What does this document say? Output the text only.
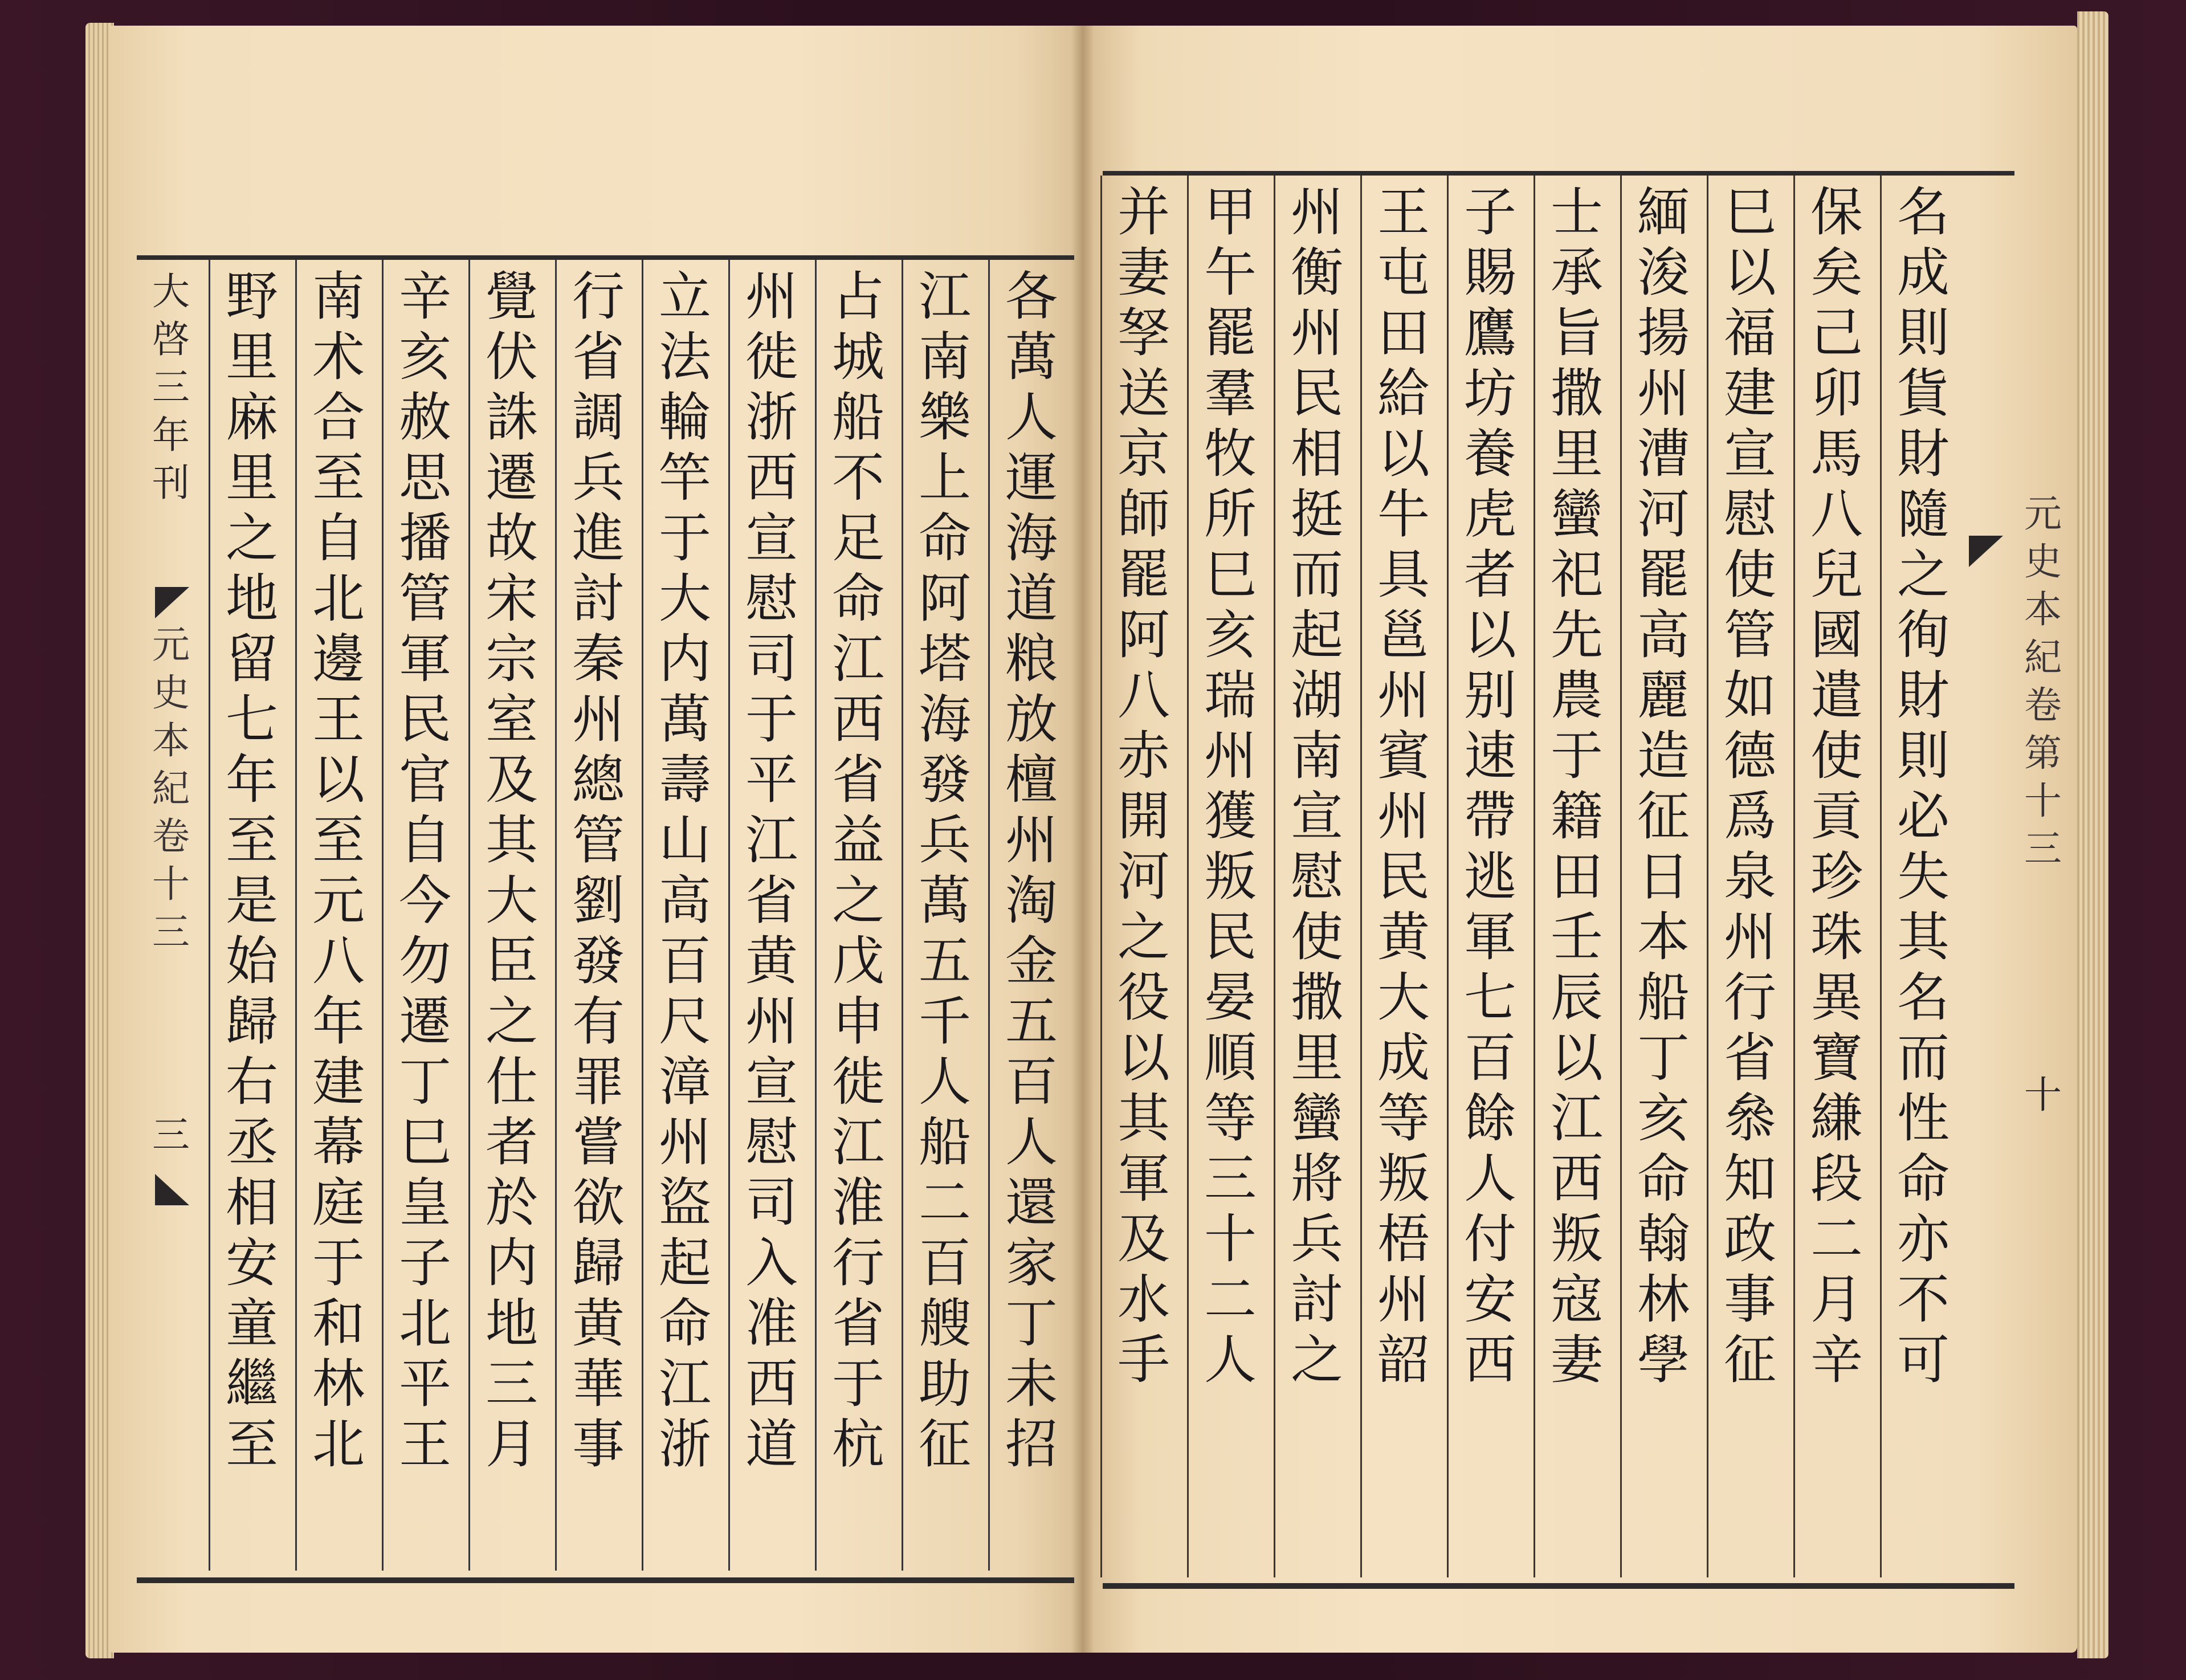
大
啓
三
年
刊
元
史
本
紀
卷
十
三
三
元
史
本
紀
卷
第
十
三
十
各
萬
人
運
海
道
粮
放
檀
州
淘
金
五
百
人
還
家
丁
未
招
江
南
樂
上
命
阿
塔
海
發
兵
萬
五
千
人
船
二
百
艘
助
征
占
城
船
不
足
命
江
西
省
益
之
戊
申
徙
江
淮
行
省
于
杭
州
徙
浙
西
宣
慰
司
于
平
江
省
黄
州
宣
慰
司
入
准
西
道
立
法
輪
竿
于
大
内
萬
壽
山
高
百
尺
漳
州
盜
起
命
江
浙
行
省
調
兵
進
討
秦
州
總
管
劉
發
有
罪
嘗
欲
歸
黄
華
事
覺
伏
誅
遷
故
宋
宗
室
及
其
大
臣
之
仕
者
於
内
地
三
月
辛
亥
赦
思
播
管
軍
民
官
自
今
勿
遷
丁
巳
皇
子
北
平
王
南
术
合
至
自
北
邊
王
以
至
元
八
年
建
幕
庭
于
和
林
北
野
里
麻
里
之
地
留
七
年
至
是
始
歸
右
丞
相
安
童
繼
至
名
成
則
貨
財
隨
之
徇
財
則
必
失
其
名
而
性
命
亦
不
可
保
矣
己
卯
馬
八
兒
國
遣
使
貢
珍
珠
異
寶
縑
段
二
月
辛
巳
以
福
建
宣
慰
使
管
如
德
爲
泉
州
行
省
叅
知
政
事
征
緬
浚
揚
州
漕
河
罷
高
麗
造
征
日
本
船
丁
亥
命
翰
林
學
士
承
旨
撒
里
蠻
祀
先
農
于
籍
田
壬
辰
以
江
西
叛
寇
妻
子
賜
鷹
坊
養
虎
者
以
别
速
帶
逃
軍
七
百
餘
人
付
安
西
王
屯
田
給
以
牛
具
邕
州
賓
州
民
黄
大
成
等
叛
梧
州
韶
州
衡
州
民
相
挺
而
起
湖
南
宣
慰
使
撒
里
蠻
將
兵
討
之
甲
午
罷
羣
牧
所
巳
亥
瑞
州
獲
叛
民
晏
順
等
三
十
二
人
并
妻
孥
送
京
師
罷
阿
八
赤
開
河
之
役
以
其
軍
及
水
手
